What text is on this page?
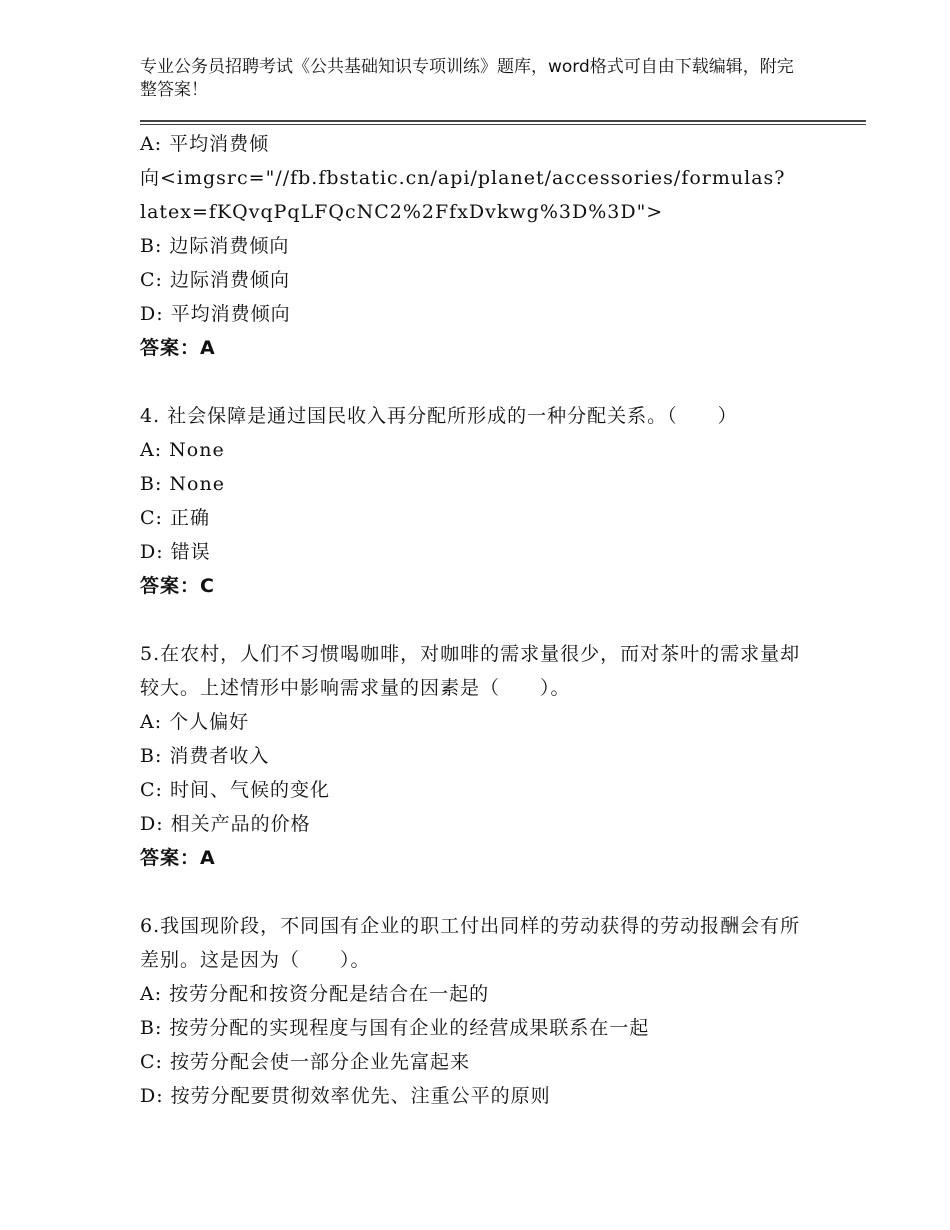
专业公务员招聘考试《公共基础知识专项训练》题库，word格式可自由下载编辑，附完整答案！
A: 平均消费倾
向<imgsrc="//fb.fbstatic.cn/api/planet/accessories/formulas?
latex=fKQvqPqLFQcNC2%2FfxDvkwg%3D%3D">
B: 边际消费倾向
C: 边际消费倾向
D: 平均消费倾向
答案：A
4. 社会保障是通过国民收入再分配所形成的一种分配关系。（　　）
A: None
B: None
C: 正确
D: 错误
答案：C
5.在农村，人们不习惯喝咖啡，对咖啡的需求量很少，而对茶叶的需求量却较大。上述情形中影响需求量的因素是（　　）。
A: 个人偏好
B: 消费者收入
C: 时间、气候的变化
D: 相关产品的价格
答案：A
6.我国现阶段，不同国有企业的职工付出同样的劳动获得的劳动报酬会有所差别。这是因为（　　）。
A: 按劳分配和按资分配是结合在一起的
B: 按劳分配的实现程度与国有企业的经营成果联系在一起
C: 按劳分配会使一部分企业先富起来
D: 按劳分配要贯彻效率优先、注重公平的原则
